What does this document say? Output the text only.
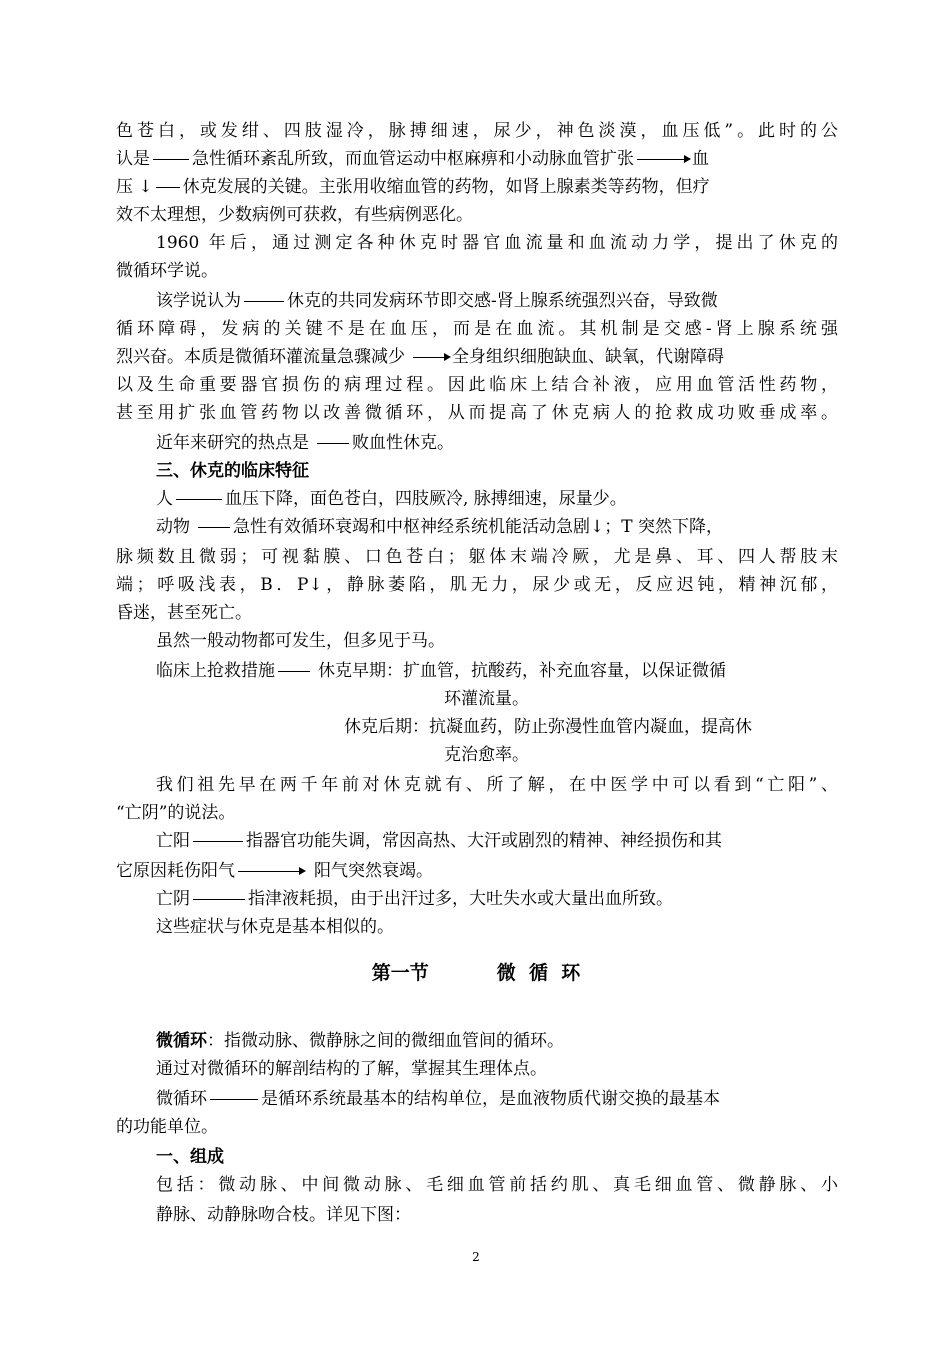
色苍白，或发绀、四肢湿冷，脉搏细速，尿少，神色淡漠，血压低”。此时的公
认是 急性循环紊乱所致，而血管运动中枢麻痹和小动脉血管扩张	血
压 ↓ 休克发展的关键。主张用收缩血管的药物，如肾上腺素类等药物，但疗
效不太理想，少数病例可获救，有些病例恶化。
1960 年后，通过测定各种休克时器官血流量和血流动力学，提出了休克的
微循环学说。
该学说认为	休克的共同发病环节即交感-肾上腺系统强烈兴奋，导致微
循环障碍，发病的关键不是在血压，而是在血流。其机制是交感-肾上腺系统强
烈兴奋。本质是微循环灌流量急骤减少	全身组织细胞缺血、缺氧，代谢障碍
以及生命重要器官损伤的病理过程。因此临床上结合补液，应用血管活性药物，
甚至用扩张血管药物以改善微循环，从而提高了休克病人的抢救成功败垂成率。
近年来研究的热点是	败血性休克。
三、休克的临床特征
人	血压下降，面色苍白，四肢厥冷, 脉搏细速，尿量少。
动物	急性有效循环衰竭和中枢神经系统机能活动急剧↓；T 突然下降，
脉频数且微弱；可视黏膜、口色苍白；躯体末端冷厥，尤是鼻、耳、四人帮肢末
端；呼吸浅表，B．P↓，静脉萎陷，肌无力，尿少或无，反应迟钝，精神沉郁，
昏迷，甚至死亡。
虽然一般动物都可发生，但多见于马。
临床上抢救措施	休克早期：扩血管，抗酸药，补充血容量，以保证微循
环灌流量。
休克后期：抗凝血药，防止弥漫性血管内凝血，提高休
克治愈率。
我们祖先早在两千年前对休克就有、所了解，在中医学中可以看到“亡阳”、
“亡阴”的说法。
亡阳	指器官功能失调，常因高热、大汗或剧烈的精神、神经损伤和其
它原因耗伤阳气	阳气突然衰竭。
亡阴	指津液耗损，由于出汗过多，大吐失水或大量出血所致。
这些症状与休克是基本相似的。
第一节	微  循  环
微循环：指微动脉、微静脉之间的微细血管间的循环。
通过对微循环的解剖结构的了解，掌握其生理体点。
微循环	是循环系统最基本的结构单位，是血液物质代谢交换的最基本
的功能单位。
一、组成
包括：微动脉、中间微动脉、毛细血管前括约肌、真毛细血管、微静脉、小
静脉、动静脉吻合枝。详见下图：
2
